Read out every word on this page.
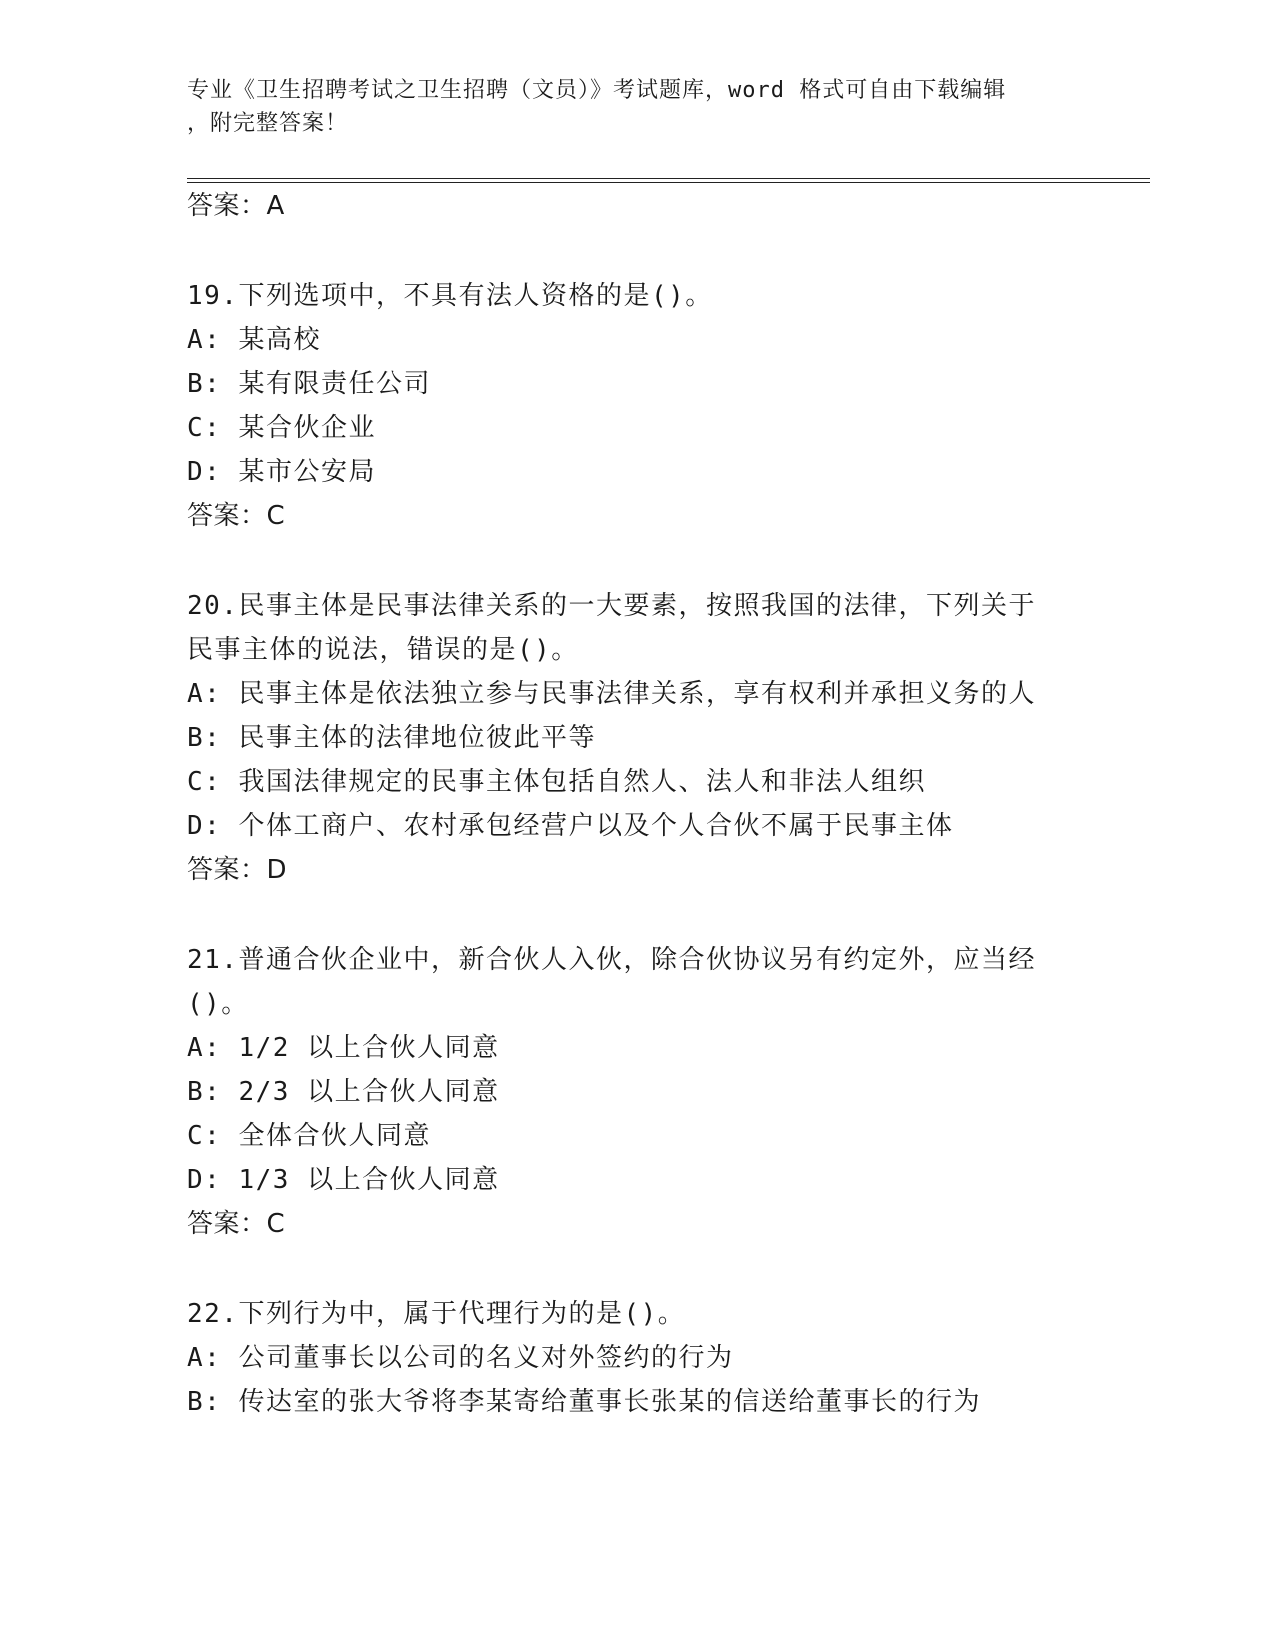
专业《卫生招聘考试之卫生招聘（文员）》考试题库，word 格式可自由下载编辑
，附完整答案！
答案：A
19.下列选项中，不具有法人资格的是()。
A: 某高校
B: 某有限责任公司
C: 某合伙企业
D: 某市公安局
答案：C
20.民事主体是民事法律关系的一大要素，按照我国的法律，下列关于
民事主体的说法，错误的是()。
A: 民事主体是依法独立参与民事法律关系，享有权利并承担义务的人
B: 民事主体的法律地位彼此平等
C: 我国法律规定的民事主体包括自然人、法人和非法人组织
D: 个体工商户、农村承包经营户以及个人合伙不属于民事主体
答案：D
21.普通合伙企业中，新合伙人入伙，除合伙协议另有约定外，应当经
()。
A: 1/2 以上合伙人同意
B: 2/3 以上合伙人同意
C: 全体合伙人同意
D: 1/3 以上合伙人同意
答案：C
22.下列行为中，属于代理行为的是()。
A: 公司董事长以公司的名义对外签约的行为
B: 传达室的张大爷将李某寄给董事长张某的信送给董事长的行为
